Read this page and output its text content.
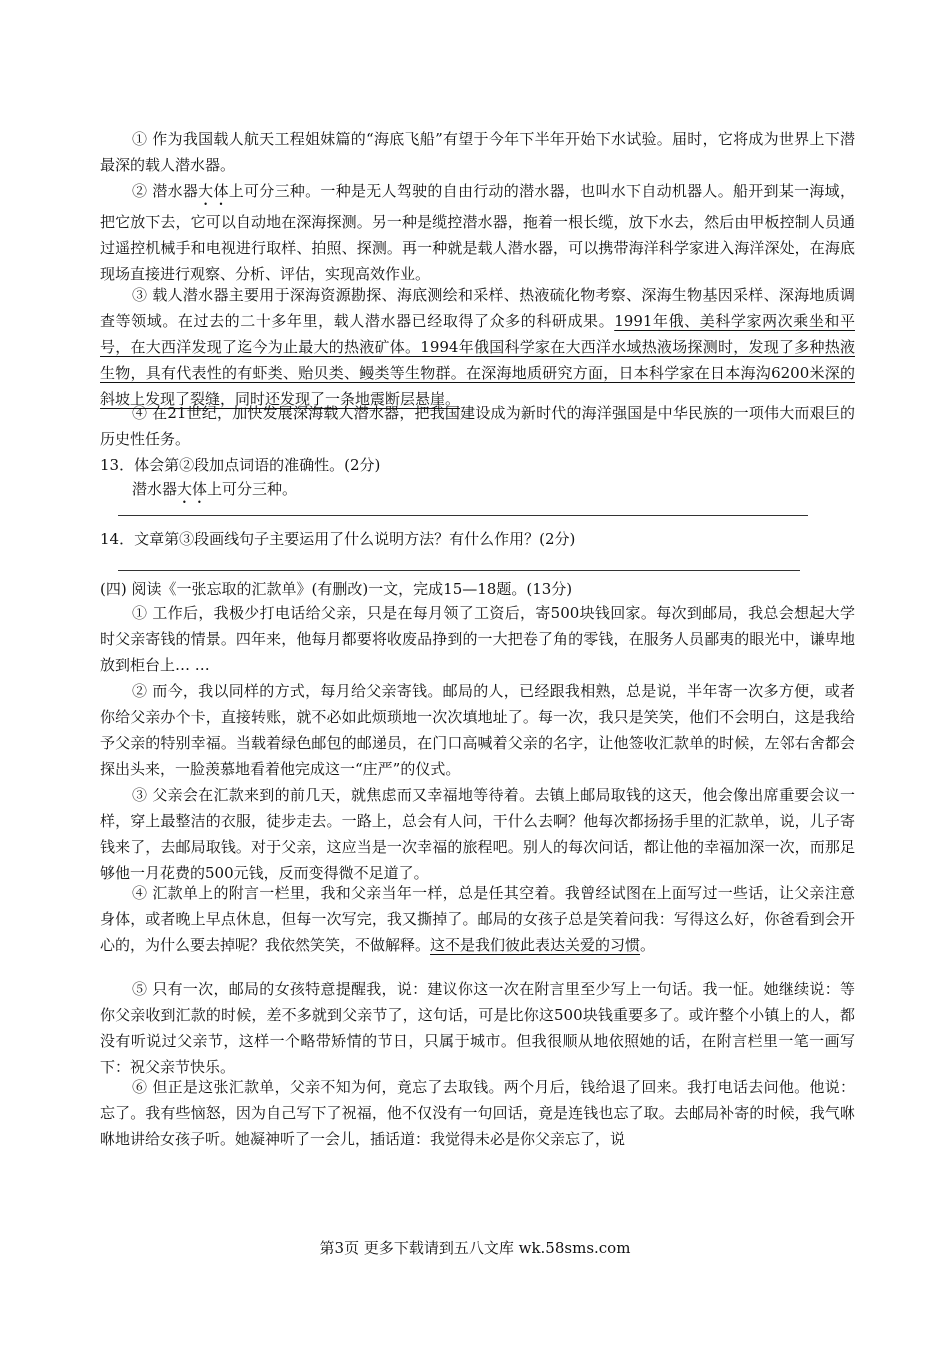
① 作为我国载人航天工程姐妹篇的“海底飞船”有望于今年下半年开始下水试验。届时，它将成为世界上下潜最深的载人潜水器。

② 潜水器大体上可分三种。一种是无人驾驶的自由行动的潜水器，也叫水下自动机器人。船开到某一海域，把它放下去，它可以自动地在深海探测。另一种是缆控潜水器，拖着一根长缆，放下水去，然后由甲板控制人员通过遥控机械手和电视进行取样、拍照、探测。再一种就是载人潜水器，可以携带海洋科学家进入海洋深处，在海底现场直接进行观察、分析、评估，实现高效作业。

③ 载人潜水器主要用于深海资源勘探、海底测绘和采样、热液硫化物考察、深海生物基因采样、深海地质调查等领域。在过去的二十多年里，载人潜水器已经取得了众多的科研成果。1991年俄、美科学家两次乘坐和平号，在大西洋发现了迄今为止最大的热液矿体。1994年俄国科学家在大西洋水域热液场探测时，发现了多种热液生物，具有代表性的有虾类、贻贝类、鳗类等生物群。在深海地质研究方面，日本科学家在日本海沟6200米深的斜坡上发现了裂缝，同时还发现了一条地震断层悬崖。

④ 在21世纪，加快发展深海载人潜水器，把我国建设成为新时代的海洋强国是中华民族的一项伟大而艰巨的历史性任务。

13．体会第②段加点词语的准确性。(2分)

潜水器大体上可分三种。

14．文章第③段画线句子主要运用了什么说明方法？有什么作用？(2分)

(四) 阅读《一张忘取的汇款单》(有删改)一文，完成15—18题。(13分)

① 工作后，我极少打电话给父亲，只是在每月领了工资后，寄500块钱回家。每次到邮局，我总会想起大学时父亲寄钱的情景。四年来，他每月都要将收废品挣到的一大把卷了角的零钱，在服务人员鄙夷的眼光中，谦卑地放到柜台上… …

② 而今，我以同样的方式，每月给父亲寄钱。邮局的人，已经跟我相熟，总是说，半年寄一次多方便，或者你给父亲办个卡，直接转账，就不必如此烦琐地一次次填地址了。每一次，我只是笑笑，他们不会明白，这是我给予父亲的特别幸福。当载着绿色邮包的邮递员，在门口高喊着父亲的名字，让他签收汇款单的时候，左邻右舍都会探出头来，一脸羡慕地看着他完成这一“庄严”的仪式。

③ 父亲会在汇款来到的前几天，就焦虑而又幸福地等待着。去镇上邮局取钱的这天，他会像出席重要会议一样，穿上最整洁的衣服，徒步走去。一路上，总会有人问，干什么去啊？他每次都扬扬手里的汇款单，说，儿子寄钱来了，去邮局取钱。对于父亲，这应当是一次幸福的旅程吧。别人的每次问话，都让他的幸福加深一次，而那足够他一月花费的500元钱，反而变得微不足道了。

④ 汇款单上的附言一栏里，我和父亲当年一样，总是任其空着。我曾经试图在上面写过一些话，让父亲注意身体，或者晚上早点休息，但每一次写完，我又撕掉了。邮局的女孩子总是笑着问我：写得这么好，你爸看到会开心的，为什么要去掉呢？我依然笑笑，不做解释。这不是我们彼此表达关爱的习惯。

⑤ 只有一次，邮局的女孩特意提醒我，说：建议你这一次在附言里至少写上一句话。我一怔。她继续说：等你父亲收到汇款的时候，差不多就到父亲节了，这句话，可是比你这500块钱重要多了。或许整个小镇上的人，都没有听说过父亲节，这样一个略带矫情的节日，只属于城市。但我很顺从地依照她的话，在附言栏里一笔一画写下：祝父亲节快乐。

⑥ 但正是这张汇款单，父亲不知为何，竟忘了去取钱。两个月后，钱给退了回来。我打电话去问他。他说：忘了。我有些恼怒，因为自己写下了祝福，他不仅没有一句回话，竟是连钱也忘了取。去邮局补寄的时候，我气咻咻地讲给女孩子听。她凝神听了一会儿，插话道：我觉得未必是你父亲忘了，说

第3页 更多下载请到五八文库 wk.58sms.com
